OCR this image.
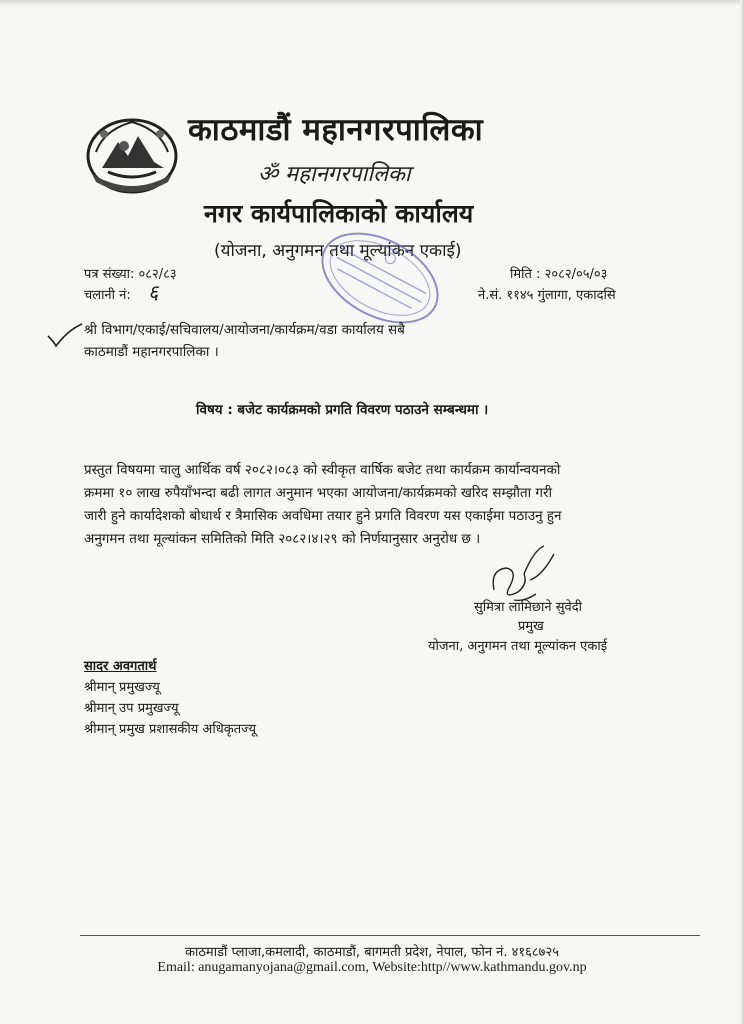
काठमाडौं महानगरपालिका
ॐ महानगरपालिका
नगर कार्यपालिकाको कार्यालय
(योजना, अनुगमन तथा मूल्यांकन एकाई)
पत्र संख्या: ०८२/८३
चलानी नं: ६
मिति : २०८२/०५/०३
ने.सं. ११४५ गुंलागा, एकादसि
श्री विभाग/एकाई/सचिवालय/आयोजना/कार्यक्रम/वडा कार्यालय सबै
काठमाडौं महानगरपालिका ।
विषय : बजेट कार्यक्रमको प्रगति विवरण पठाउने सम्बन्धमा ।
प्रस्तुत विषयमा चालु आर्थिक वर्ष २०८२।०८३ को स्वीकृत वार्षिक बजेट तथा कार्यक्रम कार्यान्वयनको
क्रममा १० लाख रुपैयाँभन्दा बढी लागत अनुमान भएका आयोजना/कार्यक्रमको खरिद सम्झौता गरी
जारी हुने कार्यादेशको बोधार्थ र त्रैमासिक अवधिमा तयार हुने प्रगति विवरण यस एकाईमा पठाउनु हुन
अनुगमन तथा मूल्यांकन समितिको मिति २०८२।४।२९ को निर्णयानुसार अनुरोध छ ।
सुमित्रा लामिछाने सुवेदी
प्रमुख
योजना, अनुगमन तथा मूल्यांकन एकाई
सादर अवगतार्थ
श्रीमान् प्रमुखज्यू
श्रीमान् उप प्रमुखज्यू
श्रीमान् प्रमुख प्रशासकीय अधिकृतज्यू
काठमाडौं प्लाजा,कमलादी, काठमाडौं, बागमती प्रदेश, नेपाल, फोन नं. ४१६८७२५
Email: anugamanyojana@gmail.com, Website:http//www.kathmandu.gov.np
